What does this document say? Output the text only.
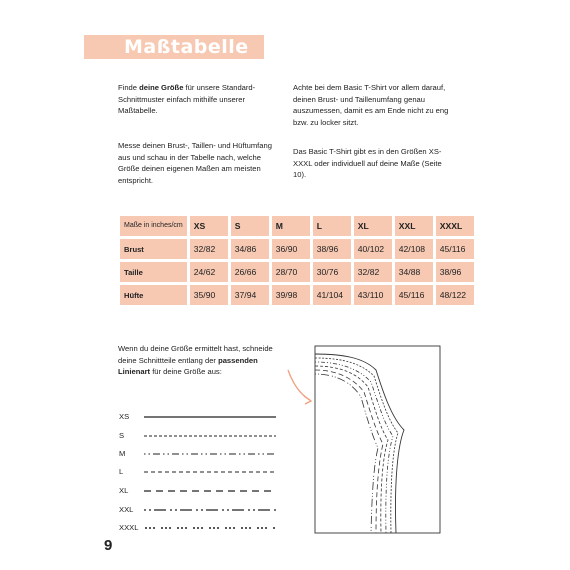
Maßtabelle
Finde deine Größe für unsere Standard-Schnittmuster einfach mithilfe unserer Maßtabelle.
Messe deinen Brust-, Taillen- und Hüftumfang aus und schau in der Tabelle nach, welche Größe deinen eigenen Maßen am meisten entspricht.
Achte bei dem Basic T-Shirt vor allem darauf, deinen Brust- und Taillenumfang genau auszumessen, damit es am Ende nicht zu eng bzw. zu locker sitzt.
Das Basic T-Shirt gibt es in den Größen XS-XXXL oder individuell auf deine Maße (Seite 10).
Maße in inches/cm	XS	S	M	L	XL	XXL	XXXL
Brust	32/82	34/86	36/90	38/96	40/102	42/108	45/116
Taille	24/62	26/66	28/70	30/76	32/82	34/88	38/96
Hüfte	35/90	37/94	39/98	41/104	43/110	45/116	48/122
Wenn du deine Größe ermittelt hast, schneide deine Schnittteile entlang der passenden Linienart für deine Größe aus:
XS
S
M
L
XL
XXL
XXXL
9
